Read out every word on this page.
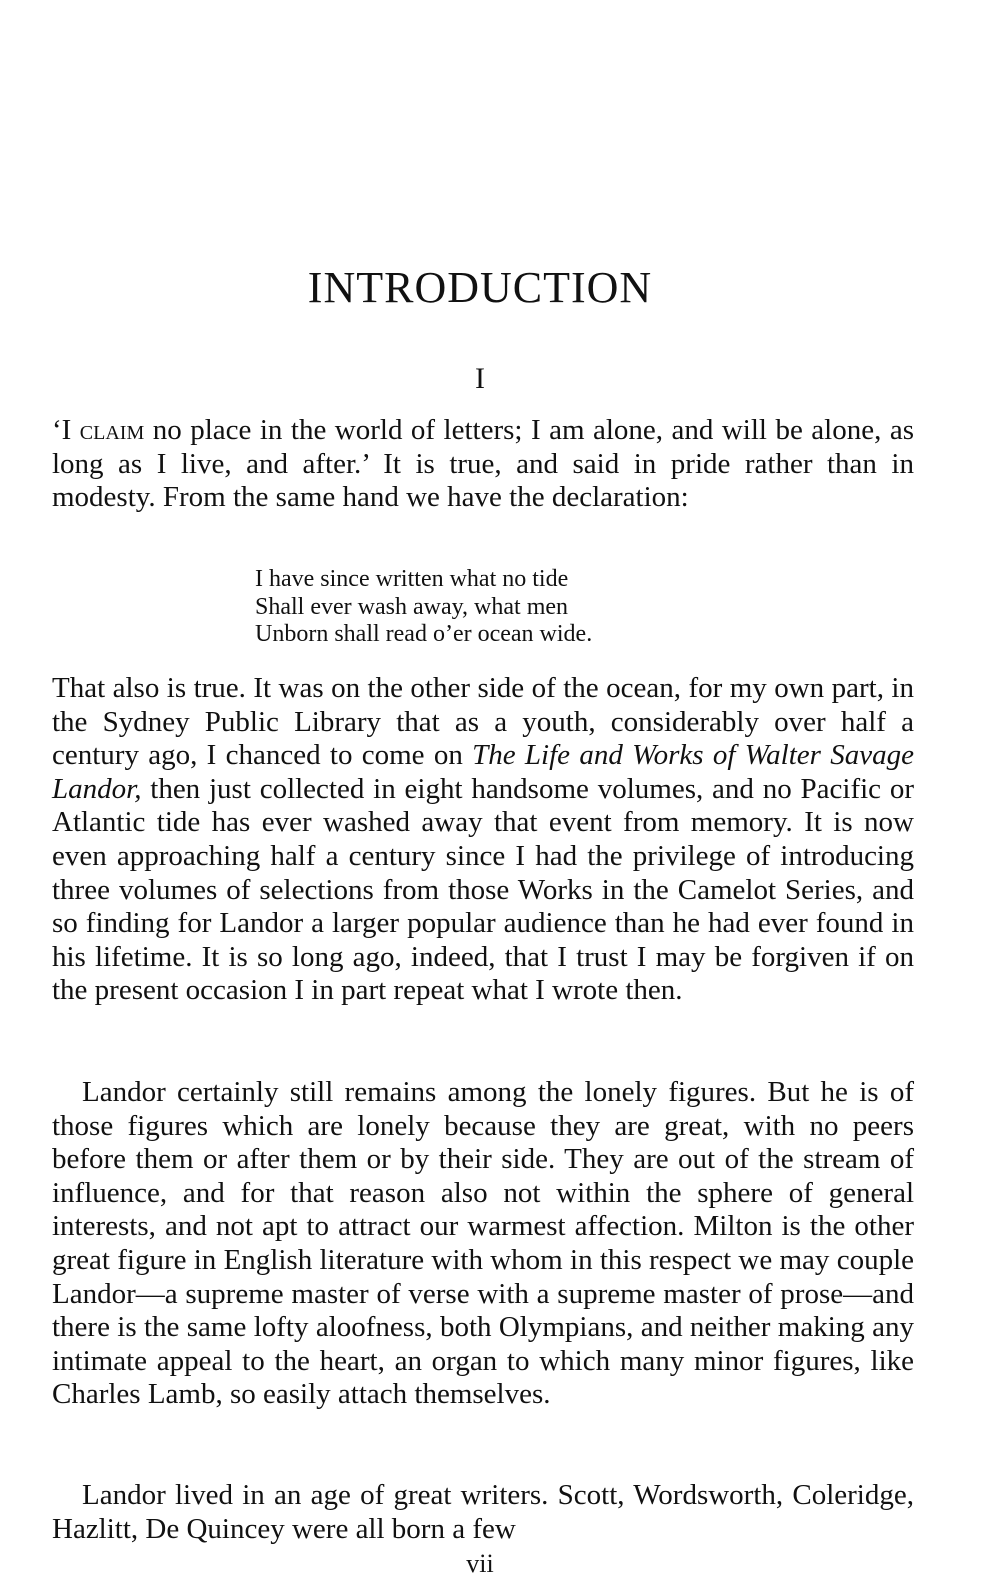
INTRODUCTION
I

‘I claim no place in the world of letters; I am alone, and will be alone, as long as I live, and after.’ It is true, and said in pride rather than in modesty. From the same hand we have the declaration:

I have since written what no tide
Shall ever wash away, what men
Unborn shall read o’er ocean wide.

That also is true. It was on the other side of the ocean, for my own part, in the Sydney Public Library that as a youth, considerably over half a century ago, I chanced to come on The Life and Works of Walter Savage Landor, then just collected in eight handsome volumes, and no Pacific or Atlantic tide has ever washed away that event from memory. It is now even approaching half a century since I had the privilege of introducing three volumes of selections from those Works in the Camelot Series, and so finding for Landor a larger popular audience than he had ever found in his lifetime. It is so long ago, indeed, that I trust I may be forgiven if on the present occasion I in part repeat what I wrote then.

Landor certainly still remains among the lonely figures. But he is of those figures which are lonely because they are great, with no peers before them or after them or by their side. They are out of the stream of influence, and for that reason also not within the sphere of general interests, and not apt to attract our warmest affection. Milton is the other great figure in English literature with whom in this respect we may couple Landor—a supreme master of verse with a supreme master of prose—and there is the same lofty aloofness, both Olympians, and neither making any intimate appeal to the heart, an organ to which many minor figures, like Charles Lamb, so easily attach themselves.

Landor lived in an age of great writers. Scott, Wordsworth, Coleridge, Hazlitt, De Quincey were all born a few

vii
